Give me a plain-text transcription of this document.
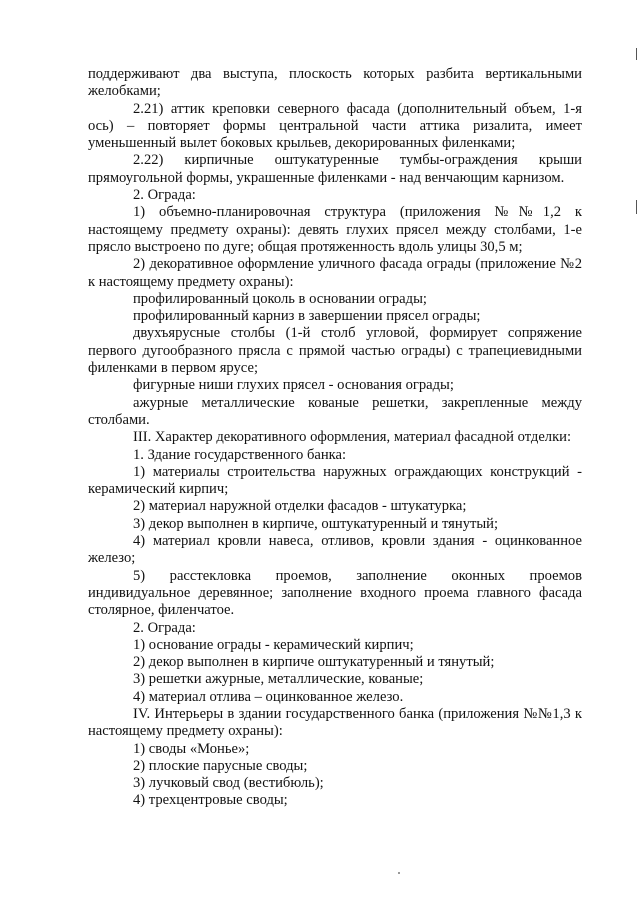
поддерживают два выступа, плоскость которых разбита вертикальными желобками;

2.21) аттик креповки северного фасада (дополнительный объем, 1-я ось) – повторяет формы центральной части аттика ризалита, имеет уменьшенный вылет боковых крыльев, декорированных филенками;

2.22) кирпичные оштукатуренные тумбы-ограждения крыши прямоугольной формы, украшенные филенками - над венчающим карнизом.

2. Ограда:

1) объемно-планировочная структура (приложения №№1,2 к настоящему предмету охраны): девять глухих прясел между столбами, 1-е прясло выстроено по дуге; общая протяженность вдоль улицы 30,5 м;

2) декоративное оформление уличного фасада ограды (приложение №2 к настоящему предмету охраны):

профилированный цоколь в основании ограды;

профилированный карниз в завершении прясел ограды;

двухъярусные столбы (1-й столб угловой, формирует сопряжение первого дугообразного прясла с прямой частью ограды) с трапециевидными филенками в первом ярусе;

фигурные ниши глухих прясел - основания ограды;

ажурные металлические кованые решетки, закрепленные между столбами.

III. Характер декоративного оформления, материал фасадной отделки:

1. Здание государственного банка:

1) материалы строительства наружных ограждающих конструкций - керамический кирпич;

2) материал наружной отделки фасадов - штукатурка;

3) декор выполнен в кирпиче, оштукатуренный и тянутый;

4) материал кровли навеса, отливов, кровли здания - оцинкованное железо;

5) расстекловка проемов, заполнение оконных проемов индивидуальное деревянное; заполнение входного проема главного фасада столярное, филенчатое.

2. Ограда:

1) основание ограды - керамический кирпич;

2) декор выполнен в кирпиче оштукатуренный и тянутый;

3) решетки ажурные, металлические, кованые;

4) материал отлива – оцинкованное железо.

IV. Интерьеры в здании государственного банка (приложения №№1,3 к настоящему предмету охраны):

1) своды «Монье»;

2) плоские парусные своды;

3) лучковый свод (вестибюль);

4) трехцентровые своды;
